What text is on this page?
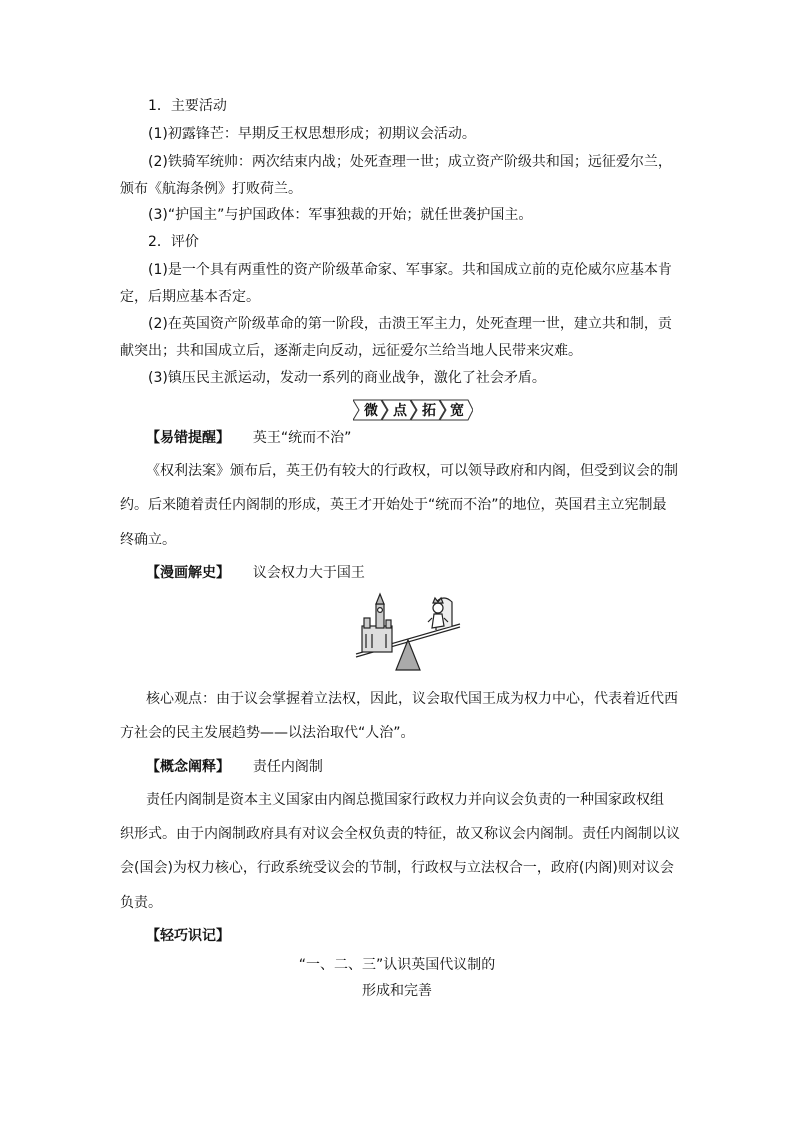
1．主要活动
(1)初露锋芒：早期反王权思想形成；初期议会活动。
(2)铁骑军统帅：两次结束内战；处死查理一世；成立资产阶级共和国；远征爱尔兰，
颁布《航海条例》打败荷兰。
(3)“护国主”与护国政体：军事独裁的开始；就任世袭护国主。
2．评价
(1)是一个具有两重性的资产阶级革命家、军事家。共和国成立前的克伦威尔应基本肯
定，后期应基本否定。
(2)在英国资产阶级革命的第一阶段，击溃王军主力，处死查理一世，建立共和制，贡
献突出；共和国成立后，逐渐走向反动，远征爱尔兰给当地人民带来灾难。
(3)镇压民主派运动，发动一系列的商业战争，激化了社会矛盾。
微 点 拓 宽
【易错提醒】 英王“统而不治”
《权利法案》颁布后，英王仍有较大的行政权，可以领导政府和内阁，但受到议会的制
约。后来随着责任内阁制的形成，英王才开始处于“统而不治”的地位，英国君主立宪制最
终确立。
【漫画解史】 议会权力大于国王
核心观点：由于议会掌握着立法权，因此，议会取代国王成为权力中心，代表着近代西
方社会的民主发展趋势——以法治取代“人治”。
【概念阐释】 责任内阁制
责任内阁制是资本主义国家由内阁总揽国家行政权力并向议会负责的一种国家政权组
织形式。由于内阁制政府具有对议会全权负责的特征，故又称议会内阁制。责任内阁制以议
会(国会)为权力核心，行政系统受议会的节制，行政权与立法权合一，政府(内阁)则对议会
负责。
【轻巧识记】
“一、二、三”认识英国代议制的
形成和完善
